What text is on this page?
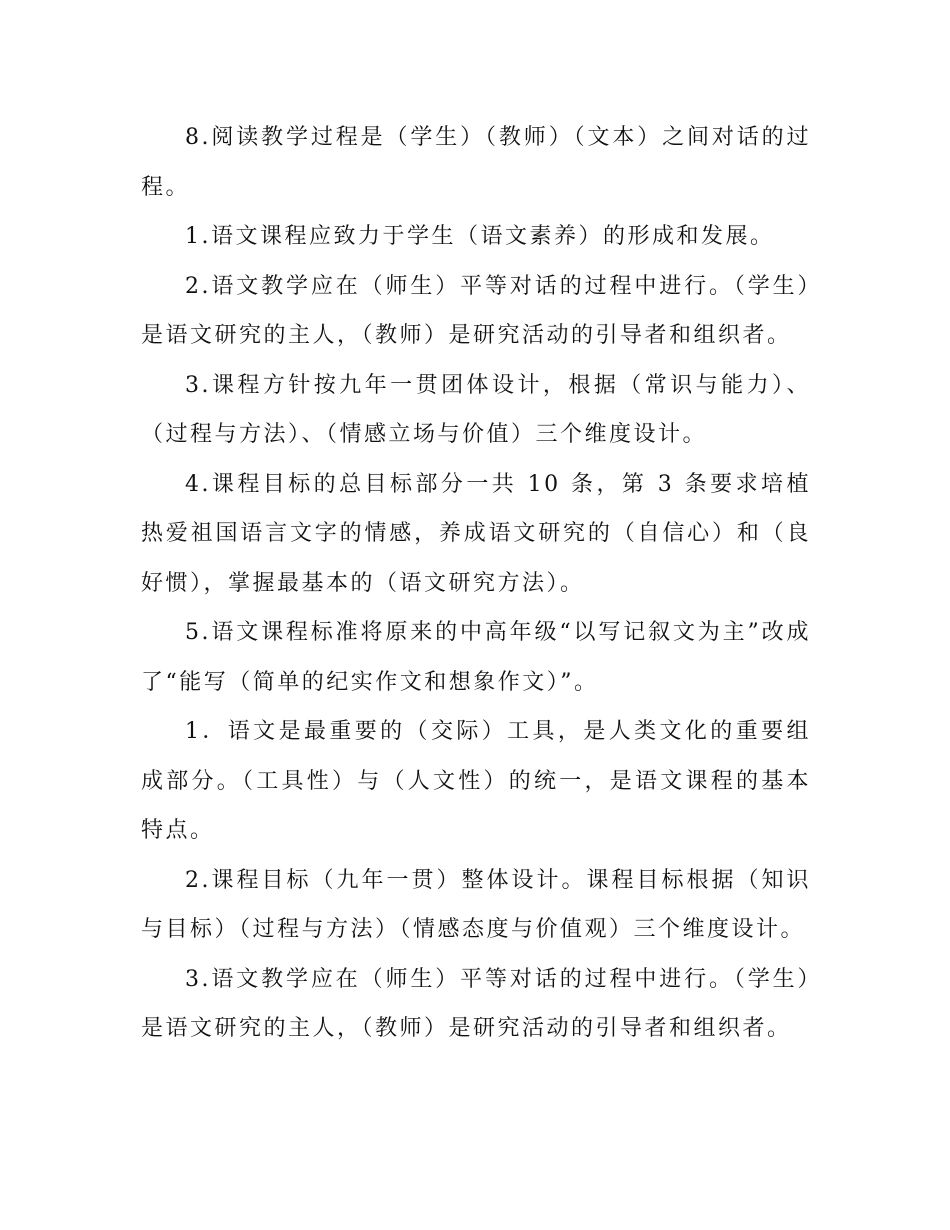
8.阅读教学过程是（学生）（教师）（文本）之间对话的过程。

1.语文课程应致力于学生（语文素养）的形成和发展。

2.语文教学应在（师生）平等对话的过程中进行。（学生）是语文研究的主人，（教师）是研究活动的引导者和组织者。

3.课程方针按九年一贯团体设计，根据（常识与能力）、（过程与方法）、（情感立场与价值）三个维度设计。

4.课程目标的总目标部分一共 10 条，第 3 条要求培植热爱祖国语言文字的情感，养成语文研究的（自信心）和（良好惯），掌握最基本的（语文研究方法）。

5.语文课程标准将原来的中高年级“以写记叙文为主”改成了“能写（简单的纪实作文和想象作文）”。

1．语文是最重要的（交际）工具，是人类文化的重要组成部分。（工具性）与（人文性）的统一，是语文课程的基本特点。

2.课程目标（九年一贯）整体设计。课程目标根据（知识与目标）（过程与方法）（情感态度与价值观）三个维度设计。

3.语文教学应在（师生）平等对话的过程中进行。（学生）是语文研究的主人，（教师）是研究活动的引导者和组织者。
